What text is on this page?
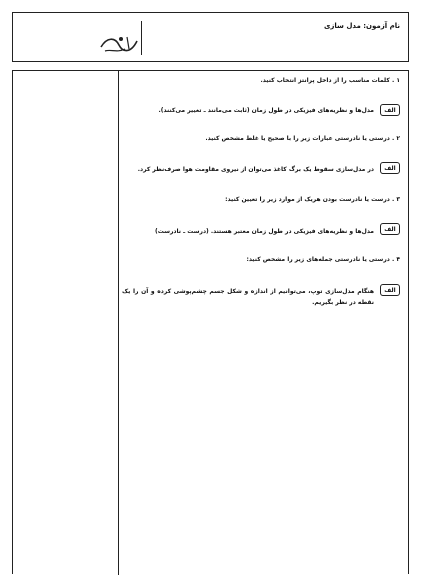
نام آزمون: مدل سازی
۱ . کلمات مناسب را از داخل پرانتز انتخاب کنید.
الف
مدل‌ها و نظریه‌های فیزیکی در طول زمان (ثابت می‌مانند ـ تغییر می‌کنند).
۲ . درستی یا نادرستی عبارات زیر را با صحیح یا غلط مشخص کنید.
الف
در مدل‌سازی سقوط یک برگ کاغذ می‌توان از نیروی مقاومت هوا صرف‌نظر کرد.
۳ . درست یا نادرست بودن هریک از موارد زیر را تعیین کنید:
الف
مدل‌ها و نظریه‌های فیزیکی در طول زمان معتبر هستند. (درست ـ نادرست)
۴ . درستی یا نادرستی جمله‌های زیر را مشخص کنید:
الف
هنگام مدل‌سازی توپ، می‌توانیم از اندازه و شکل جسم چشم‌پوشی کرده و آن را یک نقطه در نظر بگیریم.
